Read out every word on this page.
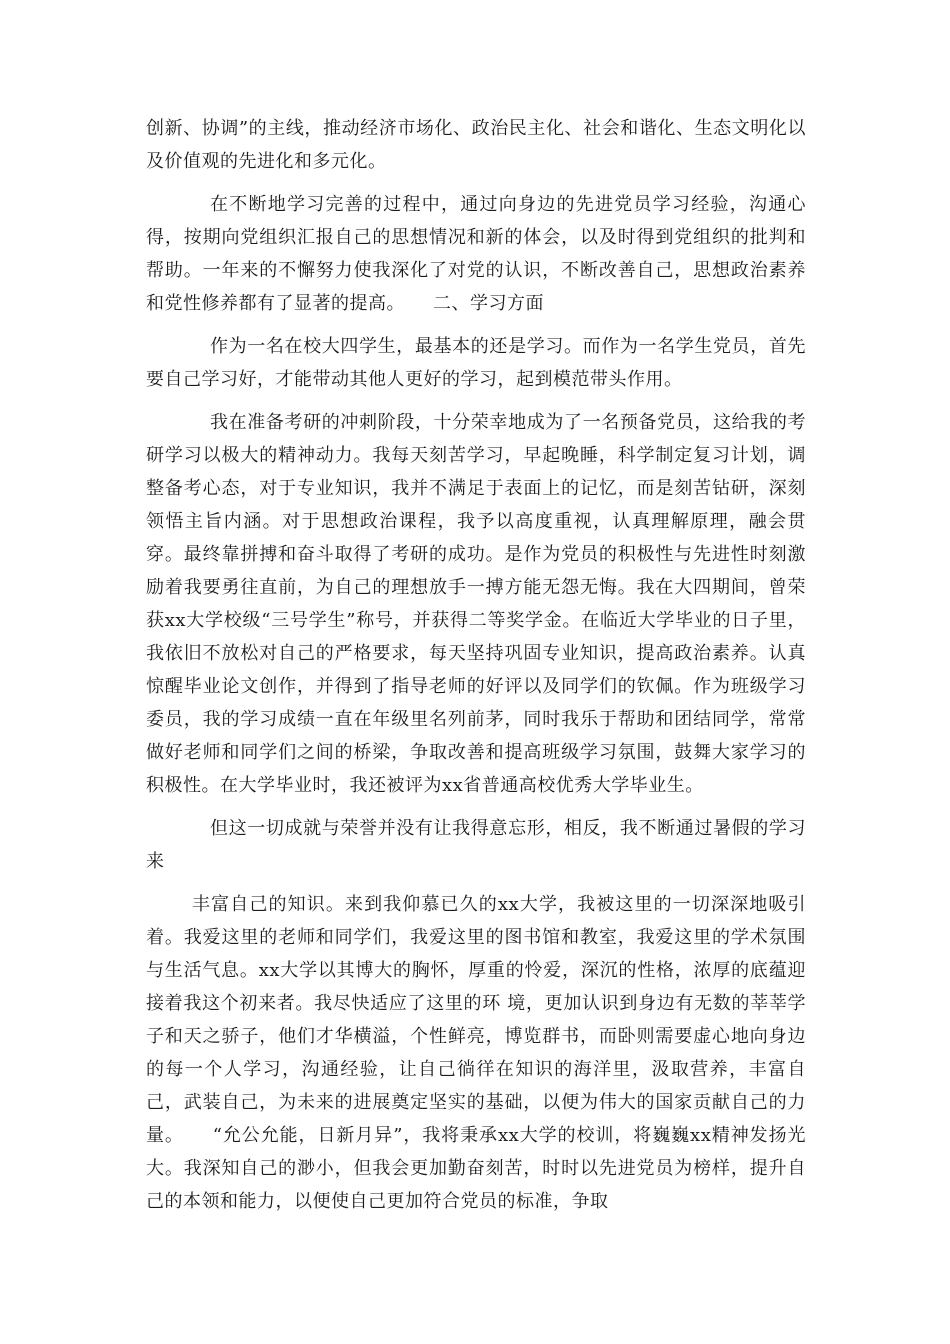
创新、协调”的主线，推动经济市场化、政治民主化、社会和谐化、生态文明化以及价值观的先进化和多元化。

在不断地学习完善的过程中，通过向身边的先进党员学习经验，沟通心得，按期向党组织汇报自己的思想情况和新的体会，以及时得到党组织的批判和帮助。一年来的不懈努力使我深化了对党的认识，不断改善自己，思想政治素养和党性修养都有了显著的提高。　　二、学习方面

作为一名在校大四学生，最基本的还是学习。而作为一名学生党员，首先要自己学习好，才能带动其他人更好的学习，起到模范带头作用。

我在准备考研的冲刺阶段，十分荣幸地成为了一名预备党员，这给我的考研学习以极大的精神动力。我每天刻苦学习，早起晚睡，科学制定复习计划，调整备考心态，对于专业知识，我并不满足于表面上的记忆，而是刻苦钻研，深刻领悟主旨内涵。对于思想政治课程，我予以高度重视，认真理解原理，融会贯穿。最终靠拼搏和奋斗取得了考研的成功。是作为党员的积极性与先进性时刻激励着我要勇往直前，为自己的理想放手一搏方能无怨无悔。我在大四期间，曾荣获xx大学校级“三号学生”称号，并获得二等奖学金。在临近大学毕业的日子里，我依旧不放松对自己的严格要求，每天坚持巩固专业知识，提高政治素养。认真惊醒毕业论文创作，并得到了指导老师的好评以及同学们的钦佩。作为班级学习委员，我的学习成绩一直在年级里名列前茅，同时我乐于帮助和团结同学，常常做好老师和同学们之间的桥梁，争取改善和提高班级学习氛围，鼓舞大家学习的积极性。在大学毕业时，我还被评为xx省普通高校优秀大学毕业生。

但这一切成就与荣誉并没有让我得意忘形，相反，我不断通过暑假的学习来

丰富自己的知识。来到我仰慕已久的xx大学，我被这里的一切深深地吸引着。我爱这里的老师和同学们，我爱这里的图书馆和教室，我爱这里的学术氛围与生活气息。xx大学以其博大的胸怀，厚重的怜爱，深沉的性格，浓厚的底蕴迎接着我这个初来者。我尽快适应了这里的环 境，更加认识到身边有无数的莘莘学子和天之骄子，他们才华横溢，个性鲜亮，博览群书，而卧则需要虚心地向身边的每一个人学习，沟通经验，让自己徜徉在知识的海洋里，汲取营养，丰富自己，武装自己，为未来的进展奠定坚实的基础，以便为伟大的国家贡献自己的力量。　　“允公允能，日新月异”，我将秉承xx大学的校训，将巍巍xx精神发扬光大。我深知自己的渺小，但我会更加勤奋刻苦，时时以先进党员为榜样，提升自己的本领和能力，以便使自己更加符合党员的标准，争取
